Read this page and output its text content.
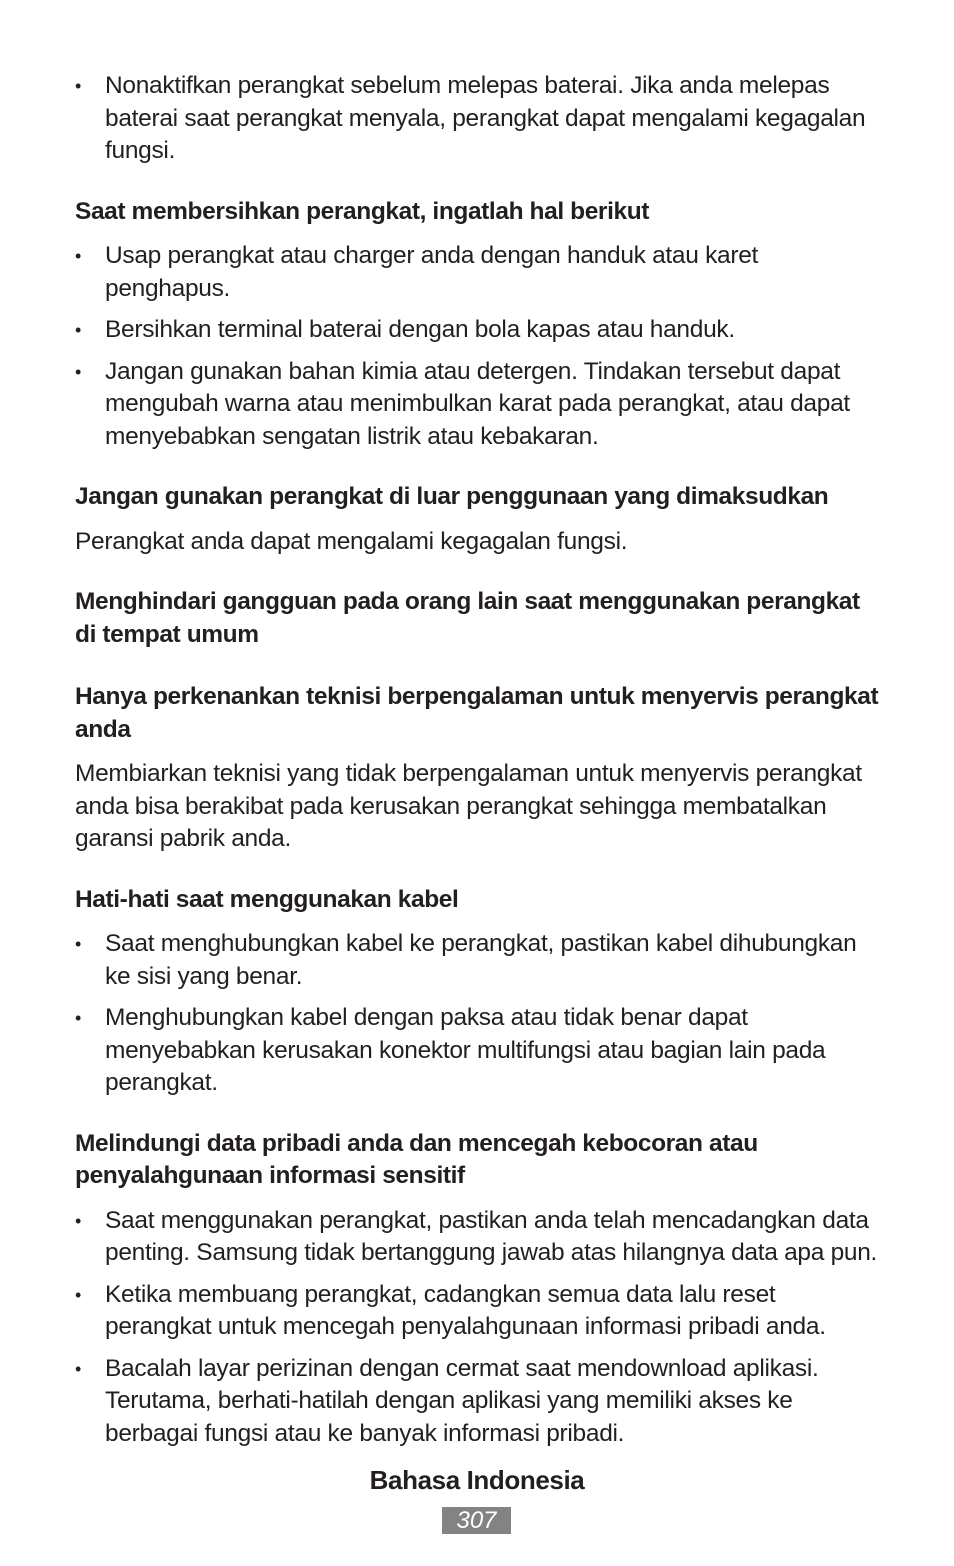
• Nonaktifkan perangkat sebelum melepas baterai. Jika anda melepas baterai saat perangkat menyala, perangkat dapat mengalami kegagalan fungsi.
Saat membersihkan perangkat, ingatlah hal berikut
• Usap perangkat atau charger anda dengan handuk atau karet penghapus.
• Bersihkan terminal baterai dengan bola kapas atau handuk.
• Jangan gunakan bahan kimia atau detergen. Tindakan tersebut dapat mengubah warna atau menimbulkan karat pada perangkat, atau dapat menyebabkan sengatan listrik atau kebakaran.
Jangan gunakan perangkat di luar penggunaan yang dimaksudkan

Perangkat anda dapat mengalami kegagalan fungsi.

Menghindari gangguan pada orang lain saat menggunakan perangkat di tempat umum
Hanya perkenankan teknisi berpengalaman untuk menyervis perangkat anda

Membiarkan teknisi yang tidak berpengalaman untuk menyervis perangkat anda bisa berakibat pada kerusakan perangkat sehingga membatalkan garansi pabrik anda.

Hati-hati saat menggunakan kabel
• Saat menghubungkan kabel ke perangkat, pastikan kabel dihubungkan ke sisi yang benar.
• Menghubungkan kabel dengan paksa atau tidak benar dapat menyebabkan kerusakan konektor multifungsi atau bagian lain pada perangkat.
Melindungi data pribadi anda dan mencegah kebocoran atau penyalahgunaan informasi sensitif
• Saat menggunakan perangkat, pastikan anda telah mencadangkan data penting. Samsung tidak bertanggung jawab atas hilangnya data apa pun.
• Ketika membuang perangkat, cadangkan semua data lalu reset perangkat untuk mencegah penyalahgunaan informasi pribadi anda.
• Bacalah layar perizinan dengan cermat saat mendownload aplikasi. Terutama, berhati-hatilah dengan aplikasi yang memiliki akses ke berbagai fungsi atau ke banyak informasi pribadi.
Bahasa Indonesia
307
